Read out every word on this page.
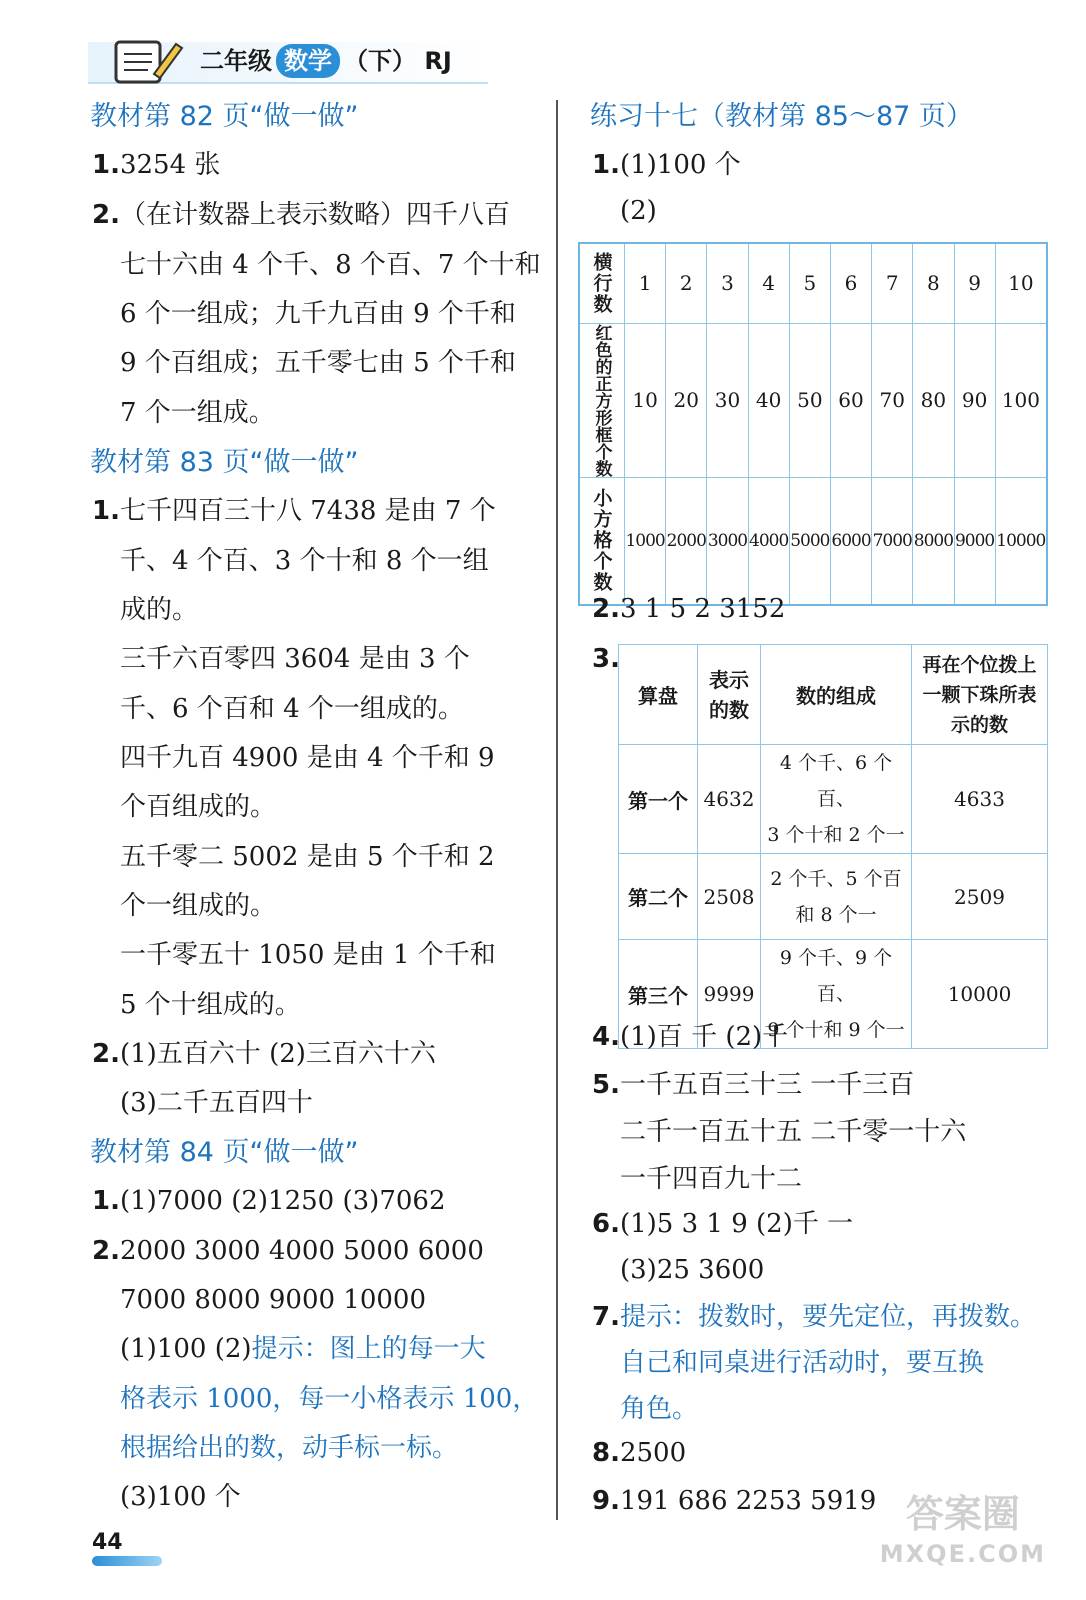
二年级 数学 （下） RJ
教材第 82 页“做一做”
1.3254 张
2.（在计数器上表示数略）四千八百
七十六由 4 个千、8 个百、7 个十和
6 个一组成；九千九百由 9 个千和
9 个百组成；五千零七由 5 个千和
7 个一组成。
教材第 83 页“做一做”
1.七千四百三十八 7438 是由 7 个
千、4 个百、3 个十和 8 个一组
成的。
三千六百零四 3604 是由 3 个
千、6 个百和 4 个一组成的。
四千九百 4900 是由 4 个千和 9
个百组成的。
五千零二 5002 是由 5 个千和 2
个一组成的。
一千零五十 1050 是由 1 个千和
5 个十组成的。
2.(1)五百六十 (2)三百六十六
(3)二千五百四十
教材第 84 页“做一做”
1.(1)7000 (2)1250 (3)7062
2.2000 3000 4000 5000 6000
7000 8000 9000 10000
(1)100 (2)提示：图上的每一大
格表示 1000，每一小格表示 100，
根据给出的数，动手标一标。
(3)100 个
练习十七（教材第 85～87 页）
1.(1)100 个
(2)
横行数	1	2	3	4	5	6	7	8	9	10

红色的正方形框个数	10	20	30	40	50	60	70	80	90	100

小方格个数	1000	2000	3000	4000	5000	6000	7000	8000	9000	10000
2.3 1 5 2 3152
3.
算盘	表示的数	数的组成	再在个位拨上一颗下珠所表示的数

第一个	4632	4 个千、6 个百、
3 个十和 2 个一	4633
第二个	2508	2 个千、5 个百
和 8 个一	2509
第三个	9999	9 个千、9 个百、
9 个十和 9 个一	10000
4.(1)百 千 (2)千
5.一千五百三十三 一千三百
二千一百五十五 二千零一十六
一千四百九十二
6.(1)5 3 1 9 (2)千 一
(3)25 3600
7.提示：拨数时，要先定位，再拨数。
自己和同桌进行活动时，要互换
角色。
8.2500
9.191 686 2253 5919
44
答案圈
MXQE.COM
